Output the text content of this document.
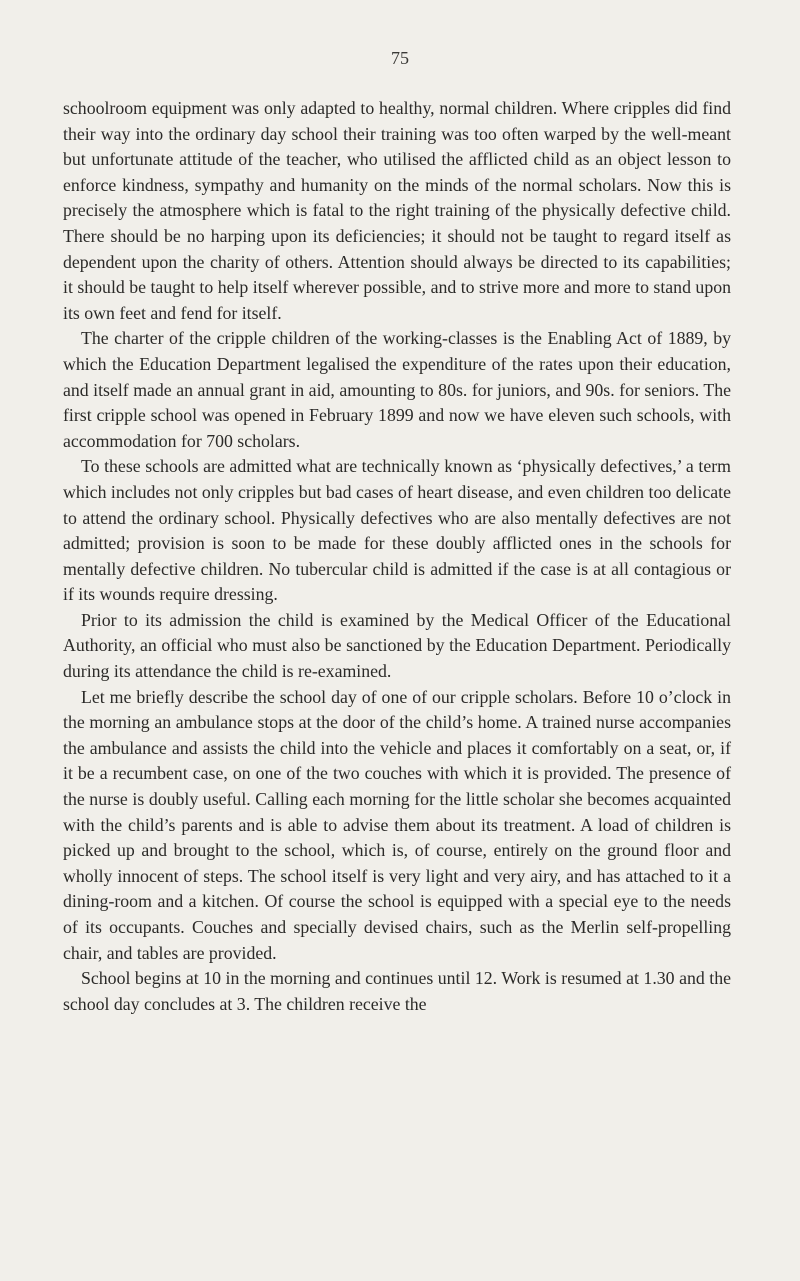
75

schoolroom equipment was only adapted to healthy, normal children. Where cripples did find their way into the ordinary day school their training was too often warped by the well-meant but unfortunate attitude of the teacher, who utilised the afflicted child as an object lesson to enforce kindness, sympathy and humanity on the minds of the normal scholars. Now this is precisely the atmosphere which is fatal to the right training of the physically defective child. There should be no harping upon its deficiencies; it should not be taught to regard itself as dependent upon the charity of others. Attention should always be directed to its capabilities; it should be taught to help itself wherever possible, and to strive more and more to stand upon its own feet and fend for itself.

The charter of the cripple children of the working-classes is the Enabling Act of 1889, by which the Education Department legalised the expenditure of the rates upon their education, and itself made an annual grant in aid, amounting to 80s. for juniors, and 90s. for seniors. The first cripple school was opened in February 1899 and now we have eleven such schools, with accommodation for 700 scholars.

To these schools are admitted what are technically known as ‘physically defectives,’ a term which includes not only cripples but bad cases of heart disease, and even children too delicate to attend the ordinary school. Physically defectives who are also mentally defectives are not admitted; provision is soon to be made for these doubly afflicted ones in the schools for mentally defective children. No tubercular child is admitted if the case is at all contagious or if its wounds require dressing.

Prior to its admission the child is examined by the Medical Officer of the Educational Authority, an official who must also be sanctioned by the Education Department. Periodically during its attendance the child is re-examined.

Let me briefly describe the school day of one of our cripple scholars. Before 10 o’clock in the morning an ambulance stops at the door of the child’s home. A trained nurse accompanies the ambulance and assists the child into the vehicle and places it comfortably on a seat, or, if it be a recumbent case, on one of the two couches with which it is provided. The presence of the nurse is doubly useful. Calling each morning for the little scholar she becomes acquainted with the child’s parents and is able to advise them about its treatment. A load of children is picked up and brought to the school, which is, of course, entirely on the ground floor and wholly innocent of steps. The school itself is very light and very airy, and has attached to it a dining-room and a kitchen. Of course the school is equipped with a special eye to the needs of its occupants. Couches and specially devised chairs, such as the Merlin self-propelling chair, and tables are provided.

School begins at 10 in the morning and continues until 12. Work is resumed at 1.30 and the school day concludes at 3. The children receive the
